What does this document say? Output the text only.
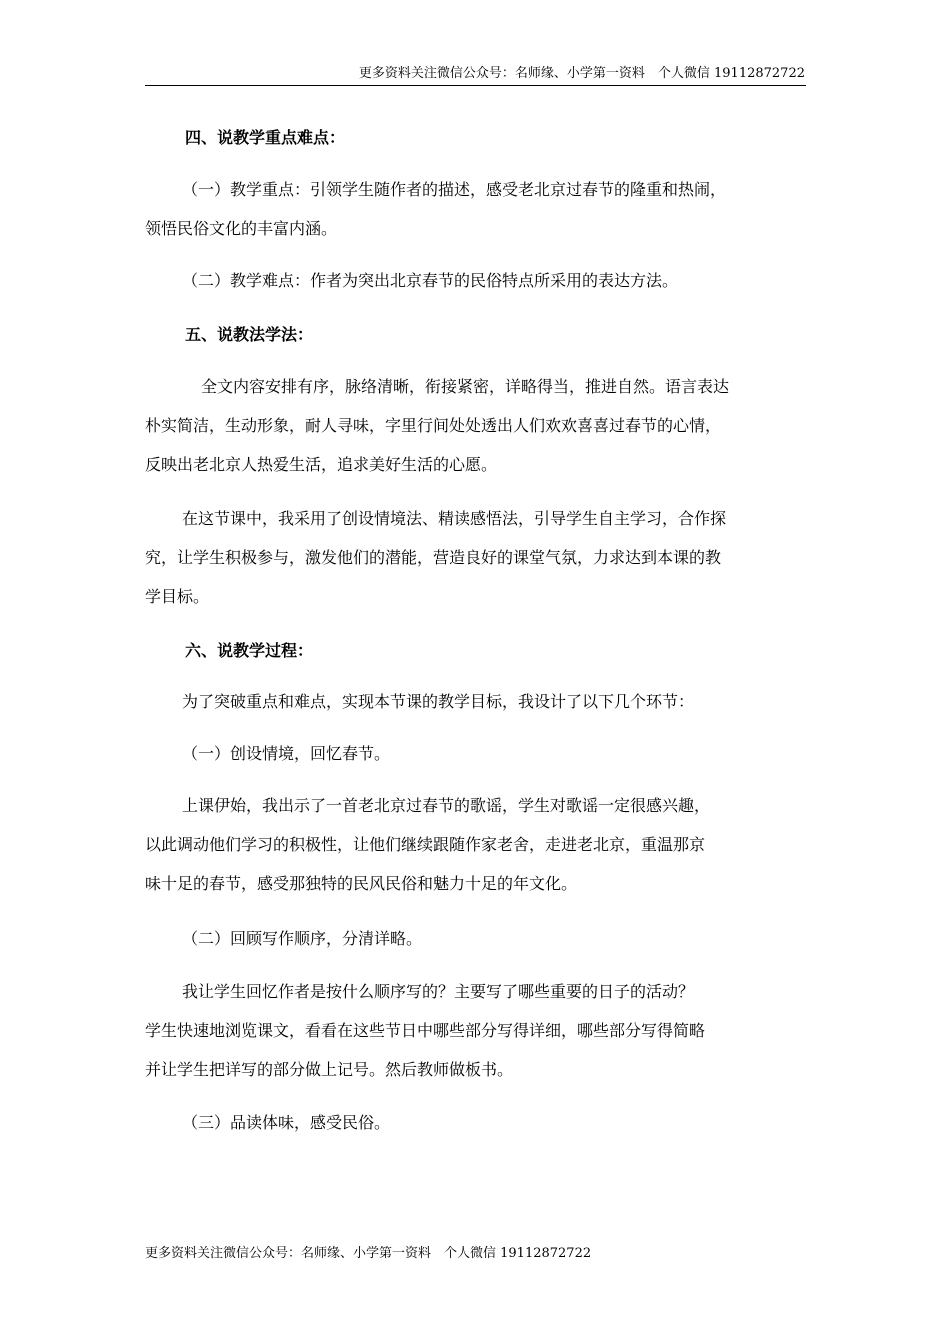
更多资料关注微信公众号：名师缘、小学第一资料　个人微信 19112872722
四、说教学重点难点：
（一）教学重点：引领学生随作者的描述，感受老北京过春节的隆重和热闹，
领悟民俗文化的丰富内涵。
（二）教学难点：作者为突出北京春节的民俗特点所采用的表达方法。
五、说教法学法：
全文内容安排有序，脉络清晰，衔接紧密，详略得当，推进自然。语言表达
朴实简洁，生动形象，耐人寻味，字里行间处处透出人们欢欢喜喜过春节的心情，
反映出老北京人热爱生活，追求美好生活的心愿。
在这节课中，我采用了创设情境法、精读感悟法，引导学生自主学习，合作探
究，让学生积极参与，激发他们的潜能，营造良好的课堂气氛，力求达到本课的教
学目标。
六、说教学过程：
为了突破重点和难点，实现本节课的教学目标，我设计了以下几个环节：
（一）创设情境，回忆春节。
上课伊始，我出示了一首老北京过春节的歌谣，学生对歌谣一定很感兴趣，
以此调动他们学习的积极性，让他们继续跟随作家老舍，走进老北京，重温那京
味十足的春节，感受那独特的民风民俗和魅力十足的年文化。
（二）回顾写作顺序，分清详略。
我让学生回忆作者是按什么顺序写的？主要写了哪些重要的日子的活动？
学生快速地浏览课文，看看在这些节日中哪些部分写得详细，哪些部分写得简略
并让学生把详写的部分做上记号。然后教师做板书。
（三）品读体味，感受民俗。
更多资料关注微信公众号：名师缘、小学第一资料　个人微信 19112872722
